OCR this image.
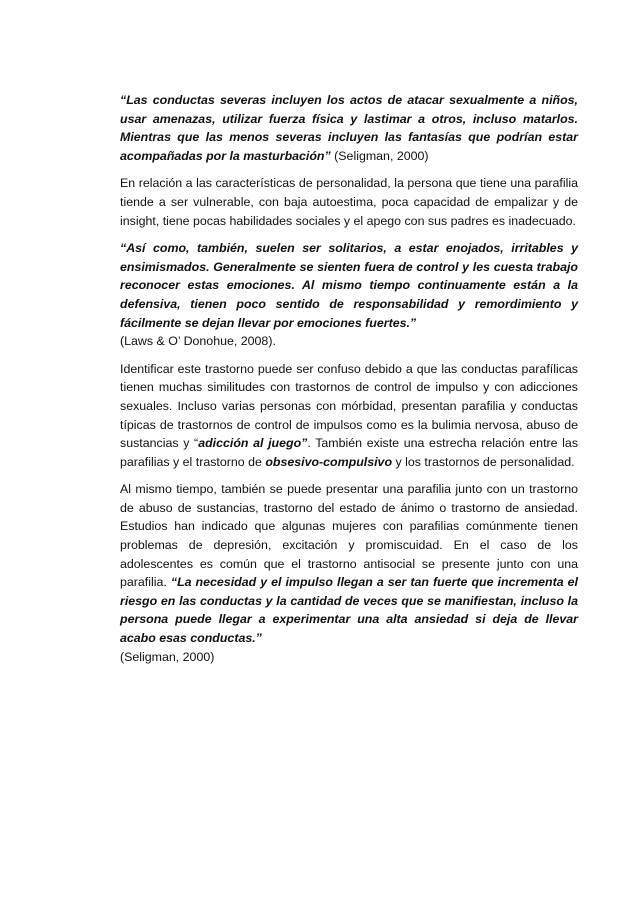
“Las conductas severas incluyen los actos de atacar sexualmente a niños, usar amenazas, utilizar fuerza física y lastimar a otros, incluso matarlos. Mientras que las menos severas incluyen las fantasías que podrían estar acompañadas por la masturbación” (Seligman, 2000)

En relación a las características de personalidad, la persona que tiene una parafilia tiende a ser vulnerable, con baja autoestima, poca capacidad de empalizar y de insight, tiene pocas habilidades sociales y el apego con sus padres es inadecuado.

“Así como, también, suelen ser solitarios, a estar enojados, irritables y ensimismados. Generalmente se sienten fuera de control y les cuesta trabajo reconocer estas emociones. Al mismo tiempo continuamente están a la defensiva, tienen poco sentido de responsabilidad y remordimiento y fácilmente se dejan llevar por emociones fuertes.”
(Laws & O’ Donohue, 2008).

Identificar este trastorno puede ser confuso debido a que las conductas parafílicas tienen muchas similitudes con trastornos de control de impulso y con adicciones sexuales. Incluso varias personas con mórbidad, presentan parafilia y conductas típicas de trastornos de control de impulsos como es la bulimia nervosa, abuso de sustancias y “adicción al juego”. También existe una estrecha relación entre las parafilias y el trastorno de obsesivo-compulsivo y los trastornos de personalidad.

Al mismo tiempo, también se puede presentar una parafilia junto con un trastorno de abuso de sustancias, trastorno del estado de ánimo o trastorno de ansiedad. Estudios han indicado que algunas mujeres con parafilias comúnmente tienen problemas de depresión, excitación y promiscuidad. En el caso de los adolescentes es común que el trastorno antisocial se presente junto con una parafilia. “La necesidad y el impulso llegan a ser tan fuerte que incrementa el riesgo en las conductas y la cantidad de veces que se manifiestan, incluso la persona puede llegar a experimentar una alta ansiedad si deja de llevar acabo esas conductas.”
(Seligman, 2000)
